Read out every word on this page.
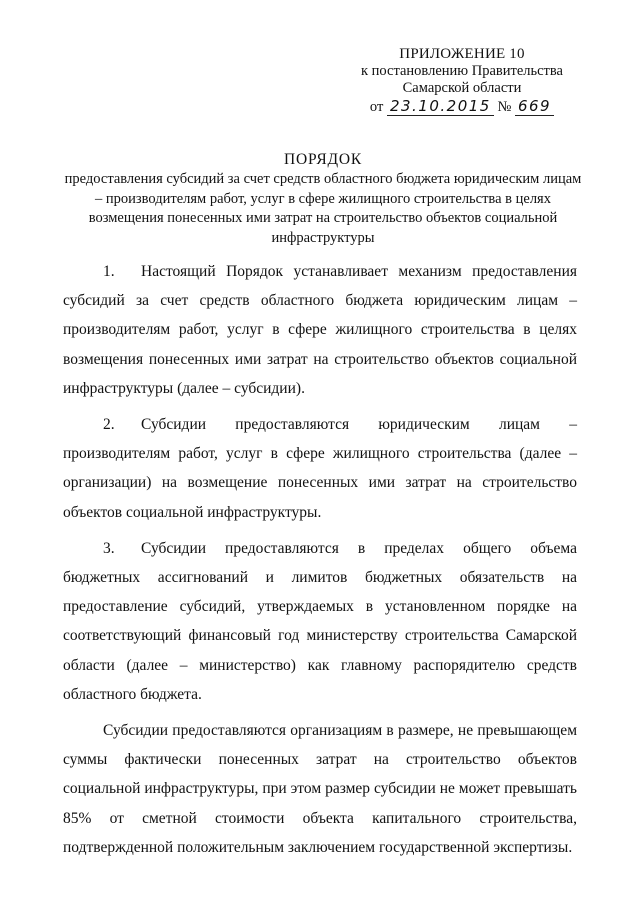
ПРИЛОЖЕНИЕ 10
к постановлению Правительства
Самарской области
от 23.10.2015 № 669
ПОРЯДОК
предоставления субсидий за счет средств областного бюджета юридическим лицам – производителям работ, услуг в сфере жилищного строительства в целях возмещения понесенных ими затрат на строительство объектов социальной инфраструктуры

1. Настоящий Порядок устанавливает механизм предоставления субсидий за счет средств областного бюджета юридическим лицам – производителям работ, услуг в сфере жилищного строительства в целях возмещения понесенных ими затрат на строительство объектов социальной инфраструктуры (далее – субсидии).

2. Субсидии предоставляются юридическим лицам – производителям работ, услуг в сфере жилищного строительства (далее – организации) на возмещение понесенных ими затрат на строительство объектов социальной инфраструктуры.

3. Субсидии предоставляются в пределах общего объема бюджетных ассигнований и лимитов бюджетных обязательств на предоставление субсидий, утверждаемых в установленном порядке на соответствующий финансовый год министерству строительства Самарской области (далее – министерство) как главному распорядителю средств областного бюджета.

Субсидии предоставляются организациям в размере, не превышающем суммы фактически понесенных затрат на строительство объектов социальной инфраструктуры, при этом размер субсидии не может превышать 85% от сметной стоимости объекта капитального строительства, подтвержденной положительным заключением государственной экспертизы.
